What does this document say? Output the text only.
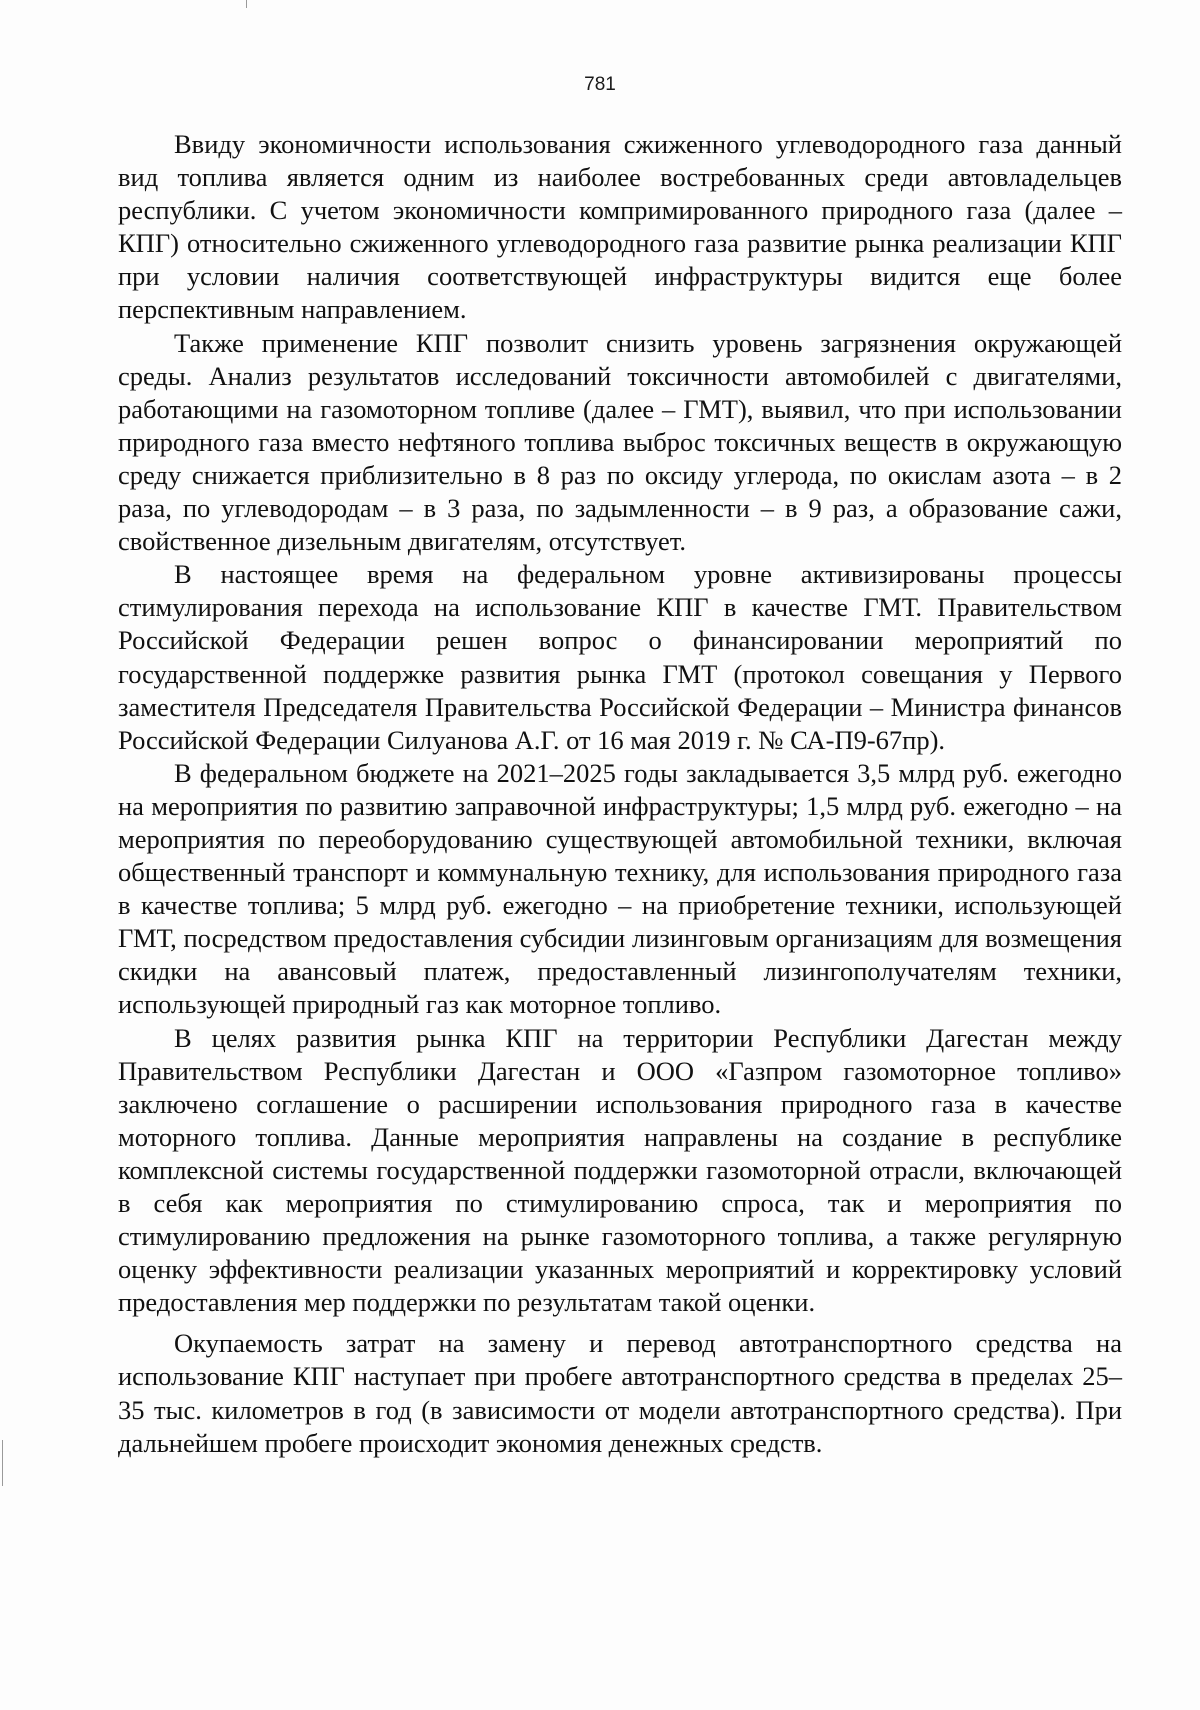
781

Ввиду экономичности использования сжиженного углеводородного газа данный вид топлива является одним из наиболее востребованных среди автовладельцев республики. С учетом экономичности компримированного природного газа (далее – КПГ) относительно сжиженного углеводородного газа развитие рынка реализации КПГ при условии наличия соответствующей инфраструктуры видится еще более перспективным направлением.

Также применение КПГ позволит снизить уровень загрязнения окружающей среды. Анализ результатов исследований токсичности автомобилей с двигателями, работающими на газомоторном топливе (далее – ГМТ), выявил, что при использовании природного газа вместо нефтяного топлива выброс токсичных веществ в окружающую среду снижается приблизительно в 8 раз по оксиду углерода, по окислам азота – в 2 раза, по углеводородам – в 3 раза, по задымленности – в 9 раз, а образование сажи, свойственное дизельным двигателям, отсутствует.

В настоящее время на федеральном уровне активизированы процессы стимулирования перехода на использование КПГ в качестве ГМТ. Правительством Российской Федерации решен вопрос о финансировании мероприятий по государственной поддержке развития рынка ГМТ (протокол совещания у Первого заместителя Председателя Правительства Российской Федерации – Министра финансов Российской Федерации Силуанова А.Г. от 16 мая 2019 г. № СА-П9-67пр).

В федеральном бюджете на 2021–2025 годы закладывается 3,5 млрд руб. ежегодно на мероприятия по развитию заправочной инфраструктуры; 1,5 млрд руб. ежегодно – на мероприятия по переоборудованию существующей автомобильной техники, включая общественный транспорт и коммунальную технику, для использования природного газа в качестве топлива; 5 млрд руб. ежегодно – на приобретение техники, использующей ГМТ, посредством предоставления субсидии лизинговым организациям для возмещения скидки на авансовый платеж, предоставленный лизингополучателям техники, использующей природный газ как моторное топливо.

В целях развития рынка КПГ на территории Республики Дагестан между Правительством Республики Дагестан и ООО «Газпром газомоторное топливо» заключено соглашение о расширении использования природного газа в качестве моторного топлива. Данные мероприятия направлены на создание в республике комплексной системы государственной поддержки газомоторной отрасли, включающей в себя как мероприятия по стимулированию спроса, так и мероприятия по стимулированию предложения на рынке газомоторного топлива, а также регулярную оценку эффективности реализации указанных мероприятий и корректировку условий предоставления мер поддержки по результатам такой оценки.

Окупаемость затрат на замену и перевод автотранспортного средства на использование КПГ наступает при пробеге автотранспортного средства в пределах 25–35 тыс. километров в год (в зависимости от модели автотранспортного средства). При дальнейшем пробеге происходит экономия денежных средств.
